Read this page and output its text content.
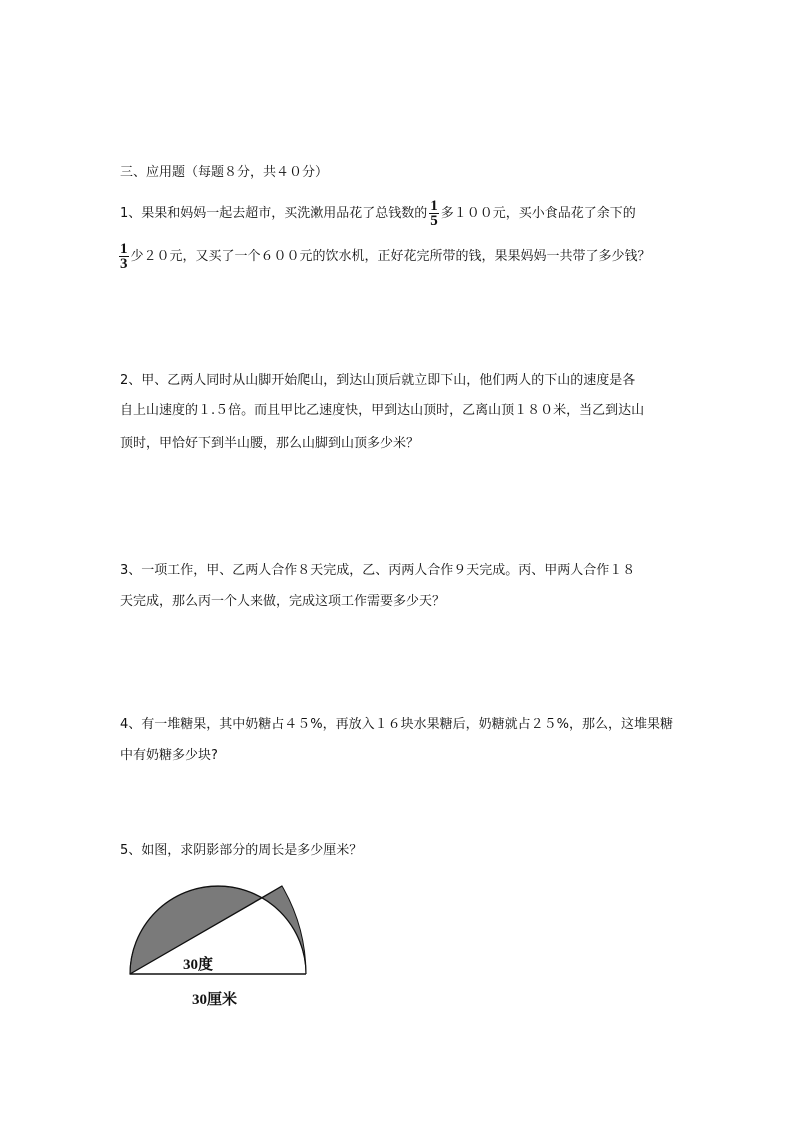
三、应用题（每题８分，共４０分）
1、果果和妈妈一起去超市，买洗漱用品花了总钱数的 $\frac{1}{5}$ 多１００元，买小食品花了余下的
$\frac{1}{3}$ 少２０元，又买了一个６００元的饮水机，正好花完所带的钱，果果妈妈一共带了多少钱？
2、甲、乙两人同时从山脚开始爬山，到达山顶后就立即下山，他们两人的下山的速度是各
自上山速度的１.５倍。而且甲比乙速度快，甲到达山顶时，乙离山顶１８０米，当乙到达山
顶时，甲恰好下到半山腰，那么山脚到山顶多少米？
3、一项工作，甲、乙两人合作８天完成，乙、丙两人合作９天完成。丙、甲两人合作１８
天完成，那么丙一个人来做，完成这项工作需要多少天？
4、有一堆糖果，其中奶糖占４５%，再放入１６块水果糖后，奶糖就占２５%，那么，这堆果糖
中有奶糖多少块?
5、如图，求阴影部分的周长是多少厘米？
30度
30厘米
